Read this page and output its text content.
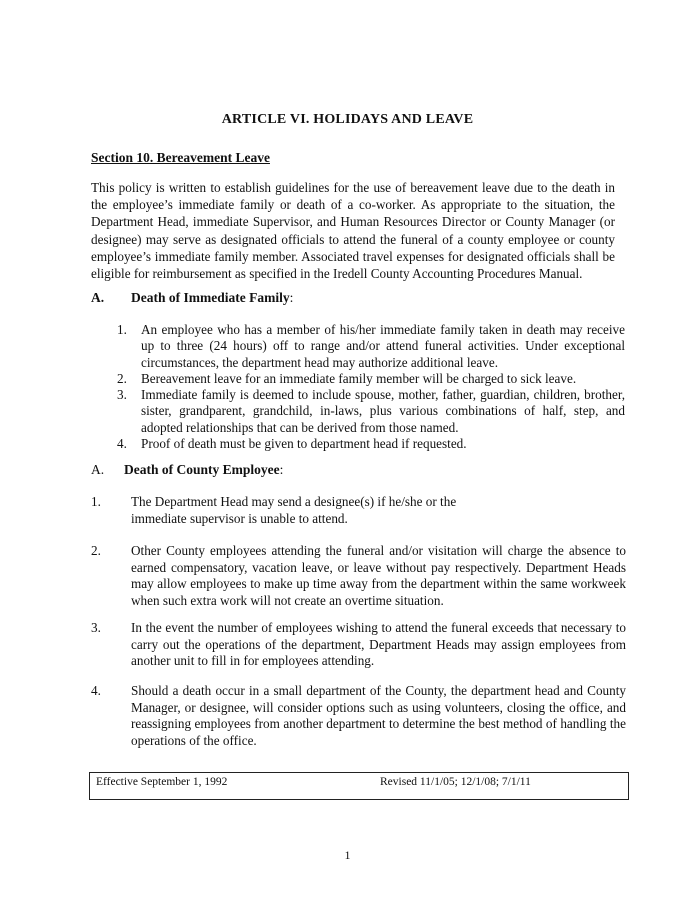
ARTICLE VI. HOLIDAYS AND LEAVE
Section 10. Bereavement Leave
This policy is written to establish guidelines for the use of bereavement leave due to the death in the employee’s immediate family or death of a co-worker. As appropriate to the situation, the Department Head, immediate Supervisor, and Human Resources Director or County Manager (or designee) may serve as designated officials to attend the funeral of a county employee or county employee’s immediate family member. Associated travel expenses for designated officials shall be eligible for reimbursement as specified in the Iredell County Accounting Procedures Manual.
A. Death of Immediate Family:
1.	An employee who has a member of his/her immediate family taken in death may receive up to three (24 hours) off to range and/or attend funeral activities. Under exceptional circumstances, the department head may authorize additional leave.
2.	Bereavement leave for an immediate family member will be charged to sick leave.
3.	Immediate family is deemed to include spouse, mother, father, guardian, children, brother, sister, grandparent, grandchild, in-laws, plus various combinations of half, step, and adopted relationships that can be derived from those named.
4.	Proof of death must be given to department head if requested.
A. Death of County Employee:
1.	The Department Head may send a designee(s) if he/she or the immediate supervisor is unable to attend.
2.	Other County employees attending the funeral and/or visitation will charge the absence to earned compensatory, vacation leave, or leave without pay respectively. Department Heads may allow employees to make up time away from the department within the same workweek when such extra work will not create an overtime situation.
3.	In the event the number of employees wishing to attend the funeral exceeds that necessary to carry out the operations of the department, Department Heads may assign employees from another unit to fill in for employees attending.
4.	Should a death occur in a small department of the County, the department head and County Manager, or designee, will consider options such as using volunteers, closing the office, and reassigning employees from another department to determine the best method of handling the operations of the office.
Effective September 1, 1992	Revised 11/1/05; 12/1/08; 7/1/11
1
